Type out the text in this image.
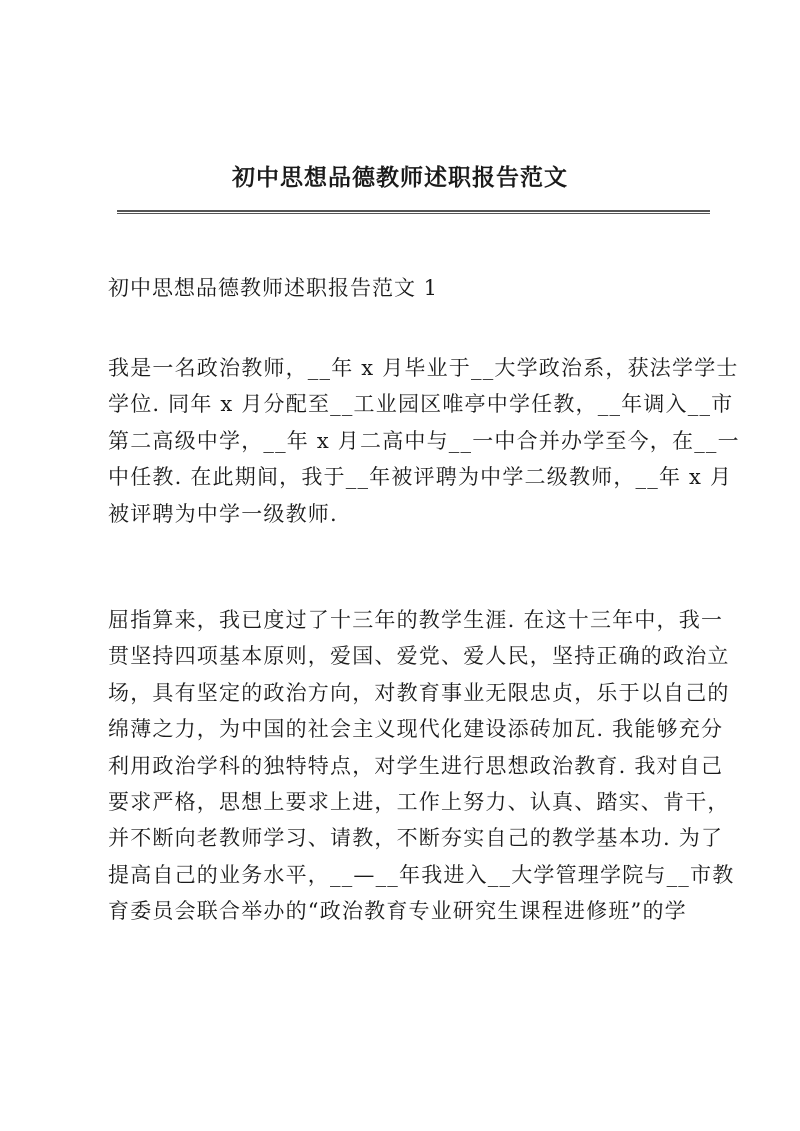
初中思想品德教师述职报告范文
初中思想品德教师述职报告范文 1

我是一名政治教师，__年 x 月毕业于__大学政治系，获法学学士
学位. 同年 x 月分配至__工业园区唯亭中学任教，__年调入__市
第二高级中学，__年 x 月二高中与__一中合并办学至今，在__一
中任教. 在此期间，我于__年被评聘为中学二级教师，__年 x 月
被评聘为中学一级教师.

屈指算来，我已度过了十三年的教学生涯. 在这十三年中，我一
贯坚持四项基本原则，爱国、爱党、爱人民，坚持正确的政治立
场，具有坚定的政治方向，对教育事业无限忠贞，乐于以自己的
绵薄之力，为中国的社会主义现代化建设添砖加瓦. 我能够充分
利用政治学科的独特特点，对学生进行思想政治教育. 我对自己
要求严格，思想上要求上进，工作上努力、认真、踏实、肯干，
并不断向老教师学习、请教，不断夯实自己的教学基本功. 为了
提高自己的业务水平，__—__年我进入__大学管理学院与__市教
育委员会联合举办的“政治教育专业研究生课程进修班”的学
